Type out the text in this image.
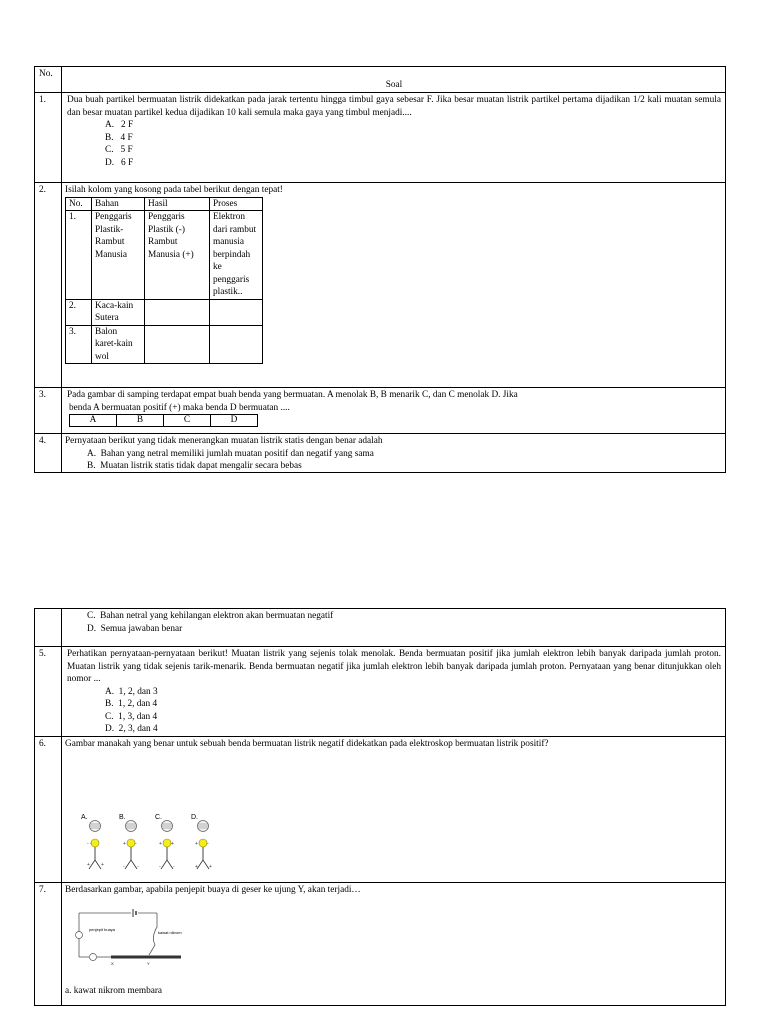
No.
Soal
1.	Dua buah partikel bermuatan listrik didekatkan pada jarak tertentu hingga timbul gaya sebesar F. Jika besar muatan listrik partikel pertama dijadikan 1/2 kali muatan semula dan besar muatan partikel kedua dijadikan 10 kali semula maka gaya yang timbul menjadi....
A.   2 F
B.   4 F
C.   5 F
D.   6 F
2.	Isilah kolom yang kosong pada tabel berikut dengan tepat!
No.	Bahan	Hasil	Proses
1.	Penggaris Plastik-Rambut Manusia	Penggaris Plastik (-) Rambut Manusia (+)	Elektron dari rambut manusia berpindah ke penggaris plastik..
2.	Kaca-kain Sutera		
3.	Balon karet-kain wol		
3.	Pada gambar di samping terdapat empat buah benda yang bermuatan. A menolak B, B menarik C, dan C menolak D. Jika
benda A bermuatan positif (+) maka benda D bermuatan ....
A	B	C	D
4.	Pernyataan berikut yang tidak menerangkan muatan listrik statis dengan benar adalah
A.  Bahan yang netral memiliki jumlah muatan positif dan negatif yang sama
B.  Muatan listrik statis tidak dapat mengalir secara bebas
C.  Bahan netral yang kehilangan elektron akan bermuatan negatif
D.  Semua jawaban benar
5.	Perhatikan pernyataan-pernyataan berikut! Muatan listrik yang sejenis tolak menolak. Benda bermuatan positif jika jumlah elektron lebih banyak daripada jumlah proton. Muatan listrik yang tidak sejenis tarik-menarik. Benda bermuatan negatif jika jumlah elektron lebih banyak daripada jumlah proton. Pernyataan yang benar ditunjukkan oleh nomor ...
A.  1, 2, dan 3
B.  1, 2, dan 4
C.  1, 3, dan 4
D.  2, 3, dan 4
6.	Gambar manakah yang benar untuk sebuah benda bermuatan listrik negatif didekatkan pada elektroskop bermuatan listrik positif?
A.	B.	C.	D.
- -
+ +
+ -
- -
+ +
- -
+ -
+ +
7.	Berdasarkan gambar, apabila penjepit buaya di geser ke ujung Y, akan terjadi…
penjepit buaya
kawat nikrom
X	Y
a. kawat nikrom membara
